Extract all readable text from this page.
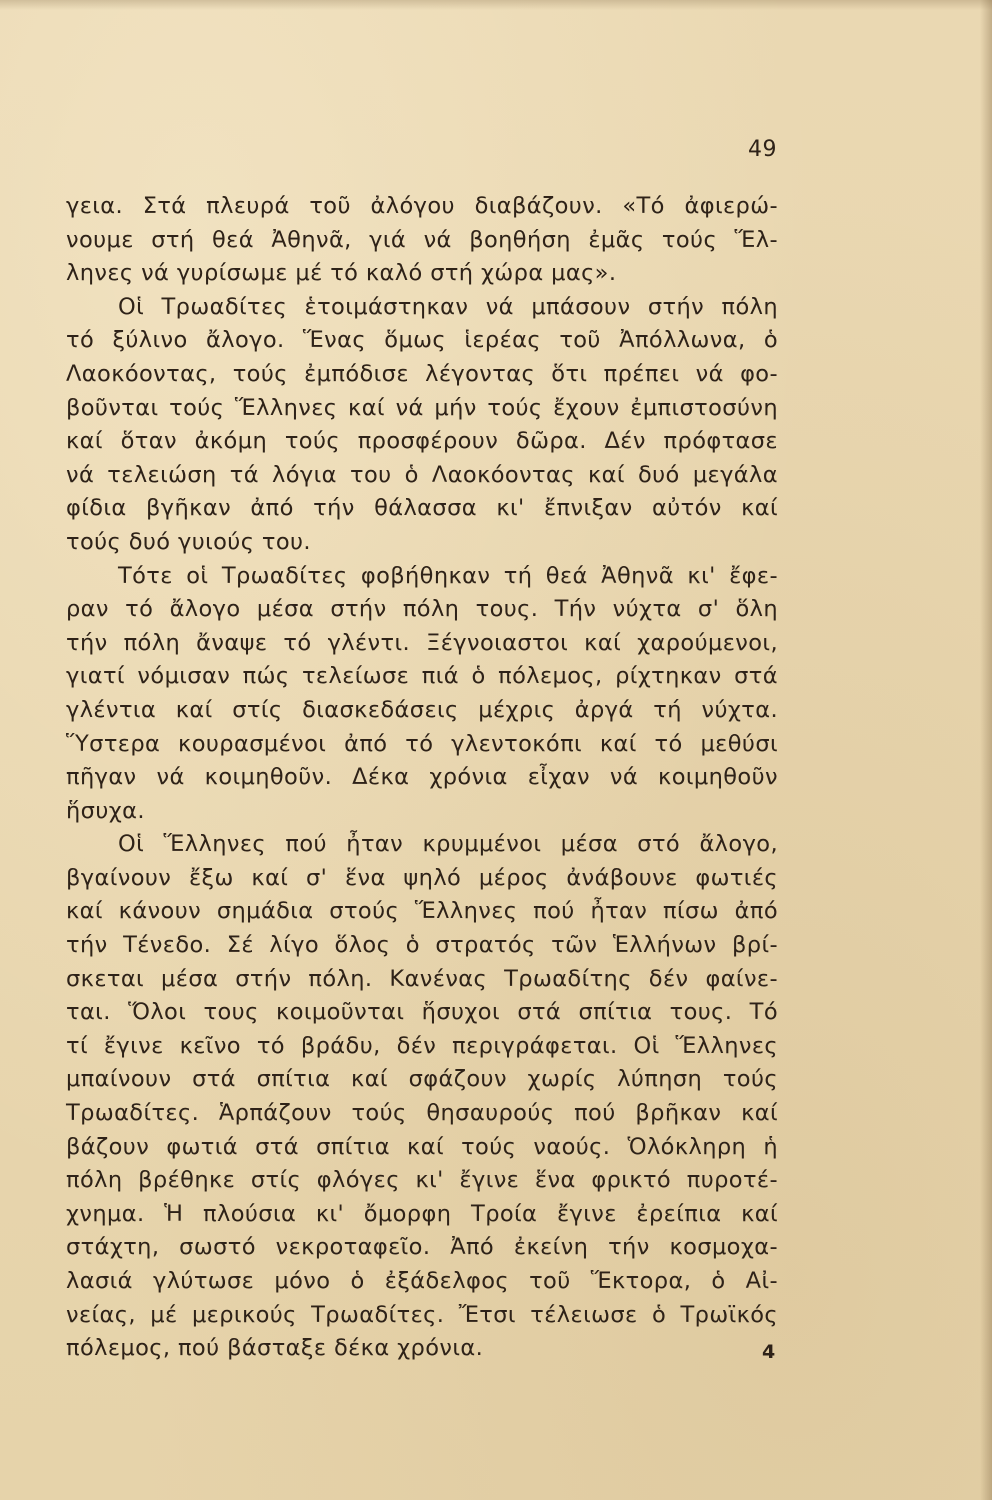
49
γεια. Στά πλευρά τοῦ ἀλόγου διαβάζουν. «Τό ἀφιερώ-
νουμε στή θεά Ἀθηνᾶ, γιά νά βοηθήση ἐμᾶς τούς Ἕλ-
ληνες νά γυρίσωμε μέ τό καλό στή χώρα μας».
Οἱ Τρωαδίτες ἑτοιμάστηκαν νά μπάσουν στήν πόλη
τό ξύλινο ἄλογο. Ἕνας ὅμως ἱερέας τοῦ Ἀπόλλωνα, ὁ
Λαοκόοντας, τούς ἐμπόδισε λέγοντας ὅτι πρέπει νά φο-
βοῦνται τούς Ἕλληνες καί νά μήν τούς ἔχουν ἐμπιστοσύνη
καί ὅταν ἀκόμη τούς προσφέρουν δῶρα. Δέν πρόφτασε
νά τελειώση τά λόγια του ὁ Λαοκόοντας καί δυό μεγάλα
φίδια βγῆκαν ἀπό τήν θάλασσα κι' ἔπνιξαν αὐτόν καί
τούς δυό γυιούς του.
Τότε οἱ Τρωαδίτες φοβήθηκαν τή θεά Ἀθηνᾶ κι' ἔφε-
ραν τό ἄλογο μέσα στήν πόλη τους. Τήν νύχτα σ' ὅλη
τήν πόλη ἄναψε τό γλέντι. Ξέγνοιαστοι καί χαρούμενοι,
γιατί νόμισαν πώς τελείωσε πιά ὁ πόλεμος, ρίχτηκαν στά
γλέντια καί στίς διασκεδάσεις μέχρις ἀργά τή νύχτα.
Ὕστερα κουρασμένοι ἀπό τό γλεντοκόπι καί τό μεθύσι
πῆγαν νά κοιμηθοῦν. Δέκα χρόνια εἶχαν νά κοιμηθοῦν
ἥσυχα.
Οἱ Ἕλληνες πού ἦταν κρυμμένοι μέσα στό ἄλογο,
βγαίνουν ἔξω καί σ' ἕνα ψηλό μέρος ἀνάβουνε φωτιές
καί κάνουν σημάδια στούς Ἕλληνες πού ἦταν πίσω ἀπό
τήν Τένεδο. Σέ λίγο ὅλος ὁ στρατός τῶν Ἑλλήνων βρί-
σκεται μέσα στήν πόλη. Κανένας Τρωαδίτης δέν φαίνε-
ται. Ὅλοι τους κοιμοῦνται ἥσυχοι στά σπίτια τους. Τό
τί ἔγινε κεῖνο τό βράδυ, δέν περιγράφεται. Οἱ Ἕλληνες
μπαίνουν στά σπίτια καί σφάζουν χωρίς λύπηση τούς
Τρωαδίτες. Ἁρπάζουν τούς θησαυρούς πού βρῆκαν καί
βάζουν φωτιά στά σπίτια καί τούς ναούς. Ὁλόκληρη ἡ
πόλη βρέθηκε στίς φλόγες κι' ἔγινε ἕνα φρικτό πυροτέ-
χνημα. Ἡ πλούσια κι' ὄμορφη Τροία ἔγινε ἐρείπια καί
στάχτη, σωστό νεκροταφεῖο. Ἀπό ἐκείνη τήν κοσμοχα-
λασιά γλύτωσε μόνο ὁ ἐξάδελφος τοῦ Ἕκτορα, ὁ Αἰ-
νείας, μέ μερικούς Τρωαδίτες. Ἔτσι τέλειωσε ὁ Τρωϊκός
πόλεμος, πού βάσταξε δέκα χρόνια.	4
